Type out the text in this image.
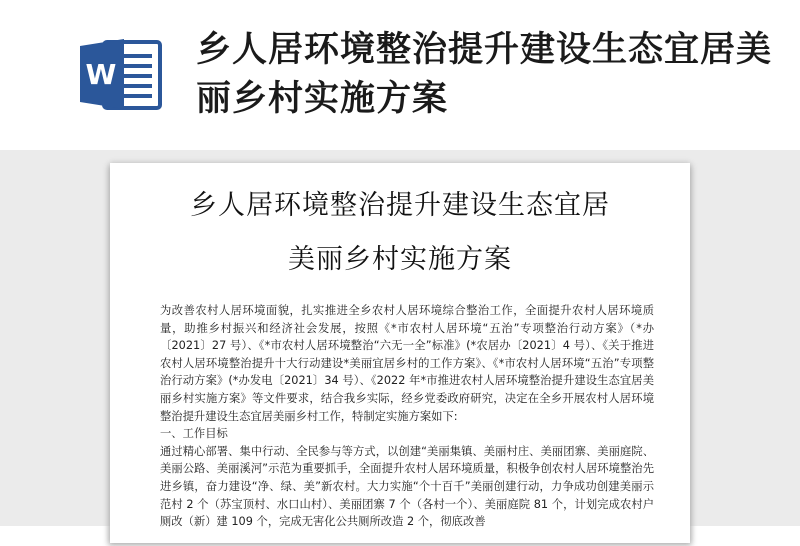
W
乡人居环境整治提升建设生态宜居美丽乡村实施方案
乡人居环境整治提升建设生态宜居
美丽乡村实施方案

为改善农村人居环境面貌，扎实推进全乡农村人居环境综合整治工作，全面提升农村人居环境质量，助推乡村振兴和经济社会发展，按照《*市农村人居环境“五治”专项整治行动方案》（*办〔2021〕27 号）、《*市农村人居环境整治“六无一全”标准》(*农居办〔2021〕4 号）、《关于推进农村人居环境整治提升十大行动建设*美丽宜居乡村的工作方案》、《*市农村人居环境“五治”专项整治行动方案》(*办发电〔2021〕34 号）、《2022 年*市推进农村人居环境整治提升建设生态宜居美丽乡村实施方案》等文件要求，结合我乡实际，经乡党委政府研究，决定在全乡开展农村人居环境整治提升建设生态宜居美丽乡村工作，特制定实施方案如下:

一、工作目标

通过精心部署、集中行动、全民参与等方式，以创建“美丽集镇、美丽村庄、美丽团寨、美丽庭院、美丽公路、美丽溪河”示范为重要抓手，全面提升农村人居环境质量，积极争创农村人居环境整治先进乡镇，奋力建设“净、绿、美”新农村。大力实施“个十百千”美丽创建行动，力争成功创建美丽示范村 2 个（苏宝顶村、水口山村）、美丽团寨 7 个（各村一个）、美丽庭院 81 个，计划完成农村户厕改（新）建 109 个，完成无害化公共厕所改造 2 个，彻底改善
